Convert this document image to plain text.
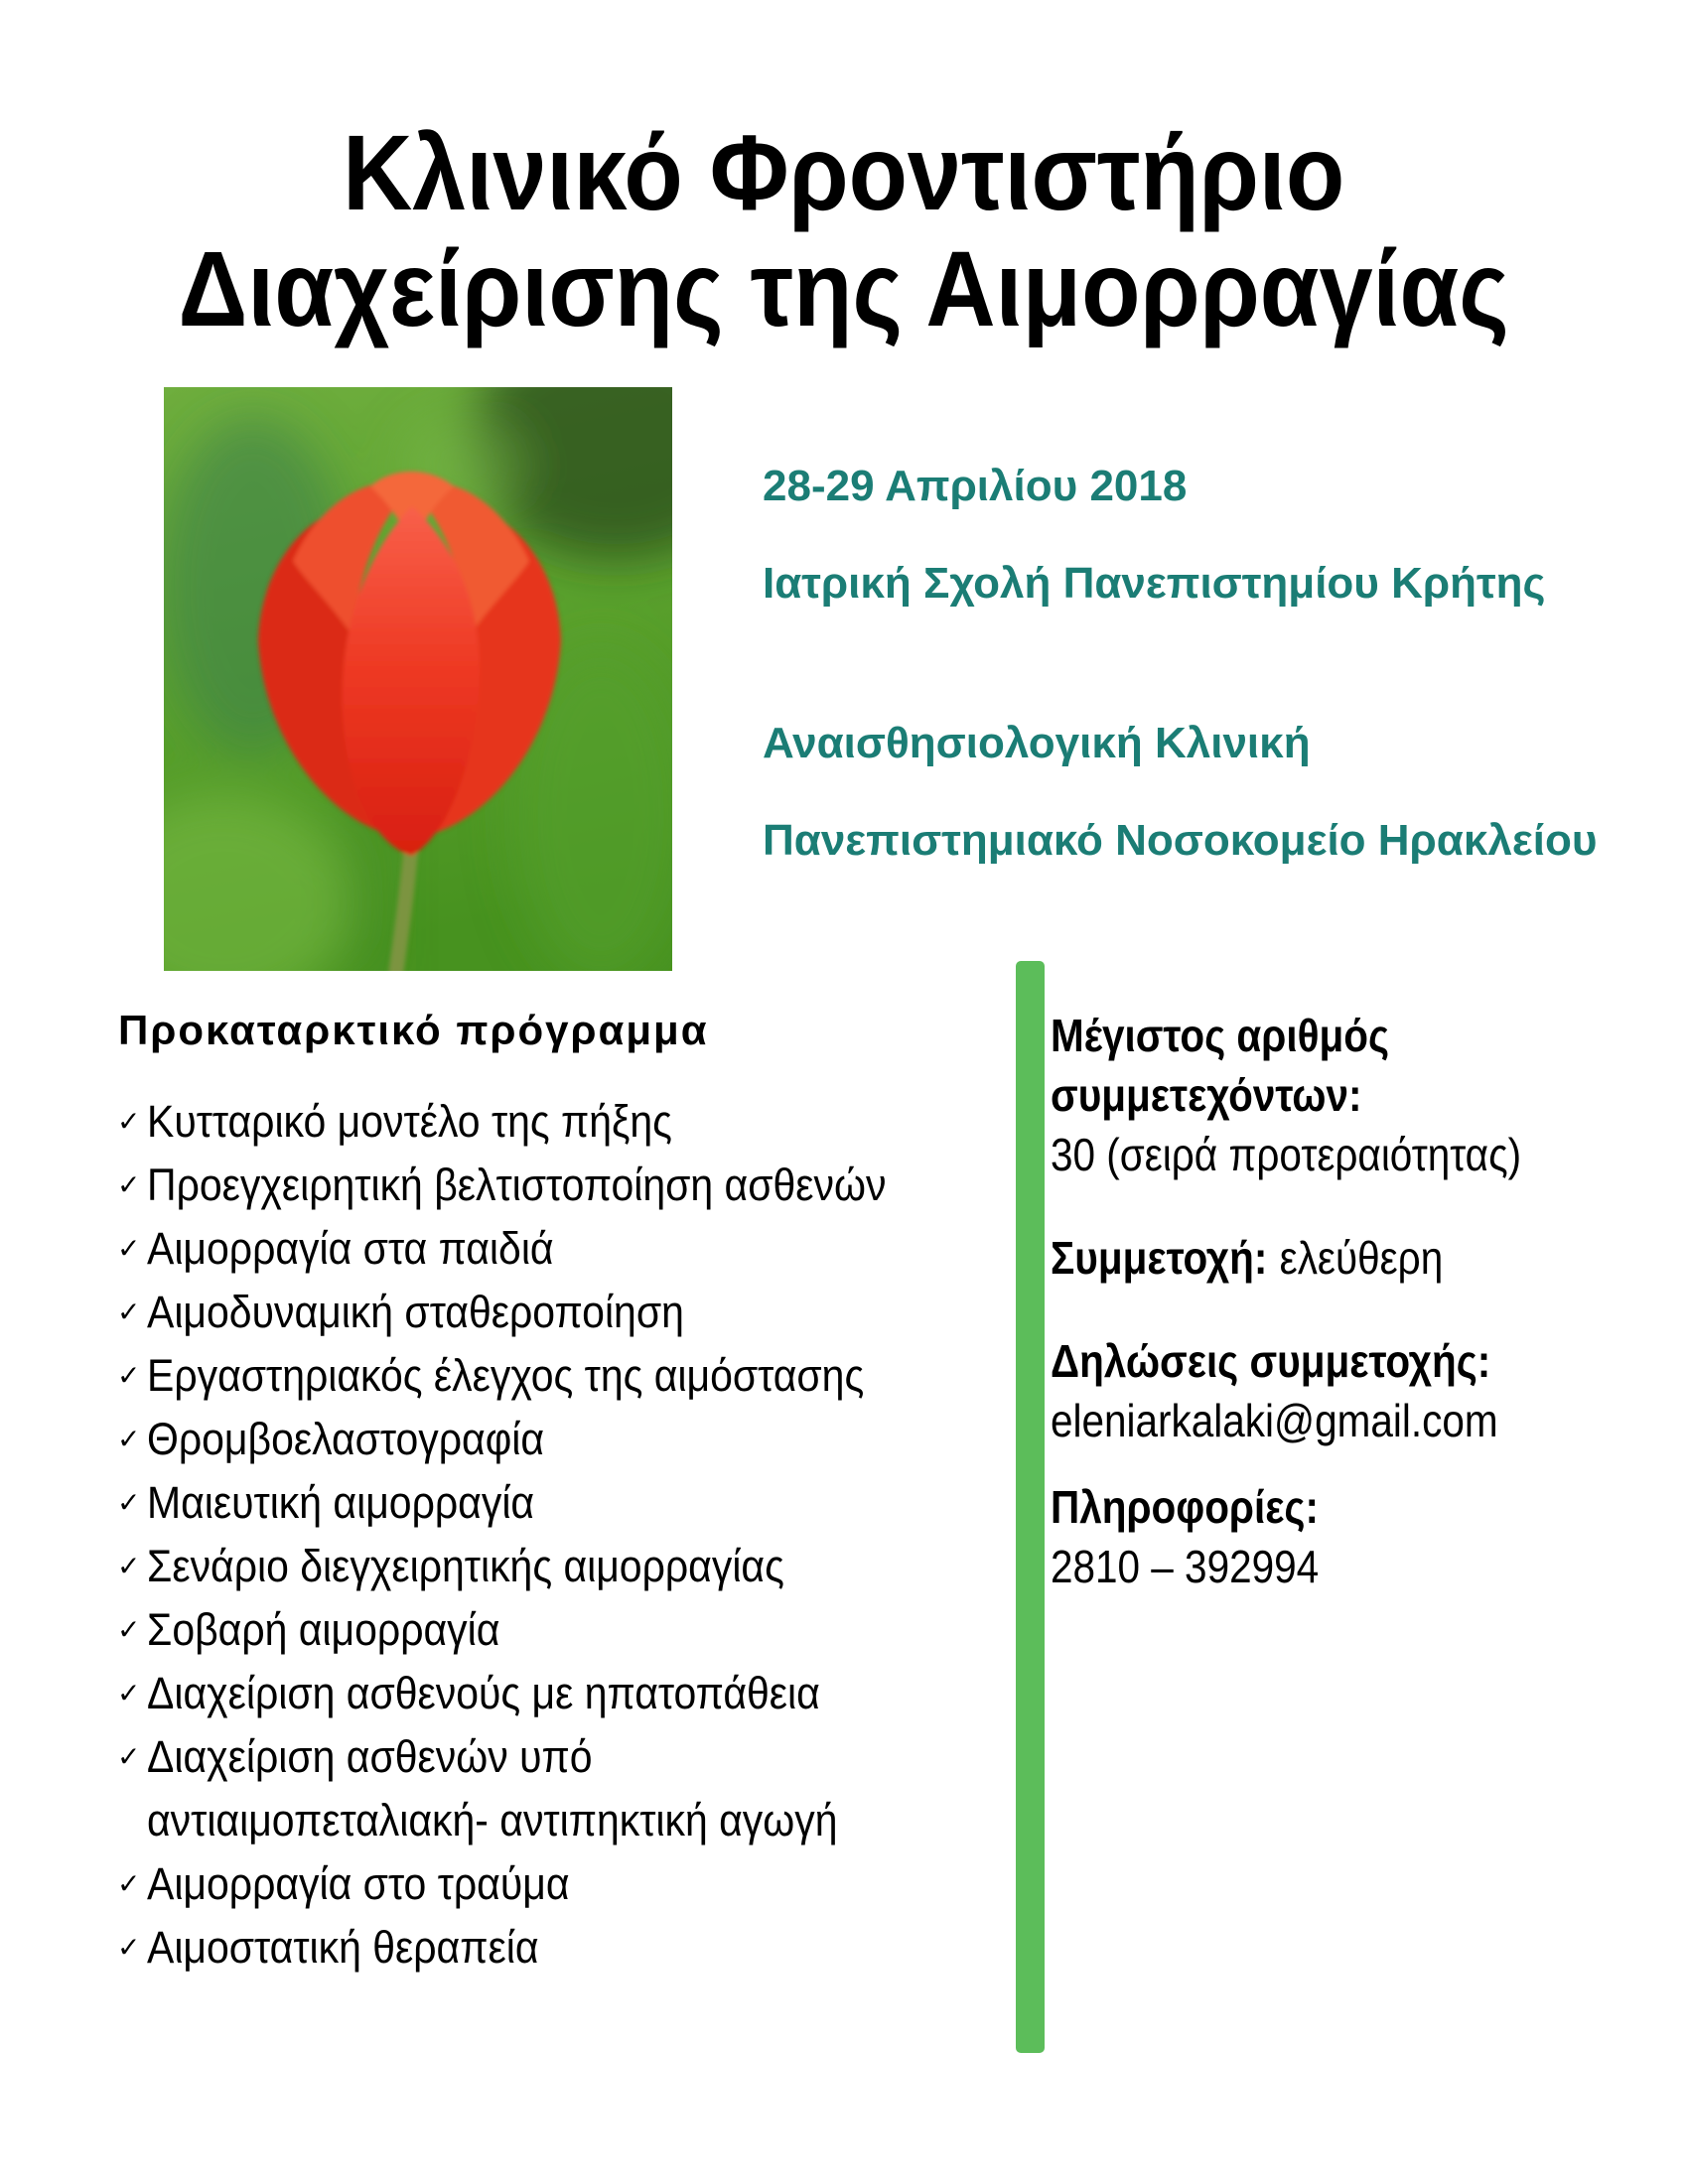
Κλινικό Φροντιστήριο
Διαχείρισης της Αιμορραγίας
28-29 Απριλίου 2018
Ιατρική Σχολή Πανεπιστημίου Κρήτης
Αναισθησιολογική Κλινική
Πανεπιστημιακό Νοσοκομείο Ηρακλείου
Προκαταρκτικό πρόγραμμα
✓ Κυτταρικό μοντέλο της πήξης
✓ Προεγχειρητική βελτιστοποίηση ασθενών
✓ Αιμορραγία στα παιδιά
✓ Αιμοδυναμική σταθεροποίηση
✓ Εργαστηριακός έλεγχος της αιμόστασης
✓ Θρομβοελαστογραφία
✓ Μαιευτική αιμορραγία
✓ Σενάριο διεγχειρητικής αιμορραγίας
✓ Σοβαρή αιμορραγία
✓ Διαχείριση ασθενούς με ηπατοπάθεια
✓ Διαχείριση ασθενών υπό
αντιαιμοπεταλιακή- αντιπηκτική αγωγή
✓ Αιμορραγία στο τραύμα
✓ Αιμοστατική θεραπεία
Μέγιστος αριθμός
συμμετεχόντων:
30 (σειρά προτεραιότητας)
Συμμετοχή: ελεύθερη
Δηλώσεις συμμετοχής:
eleniarkalaki@gmail.com
Πληροφορίες:
2810 – 392994
